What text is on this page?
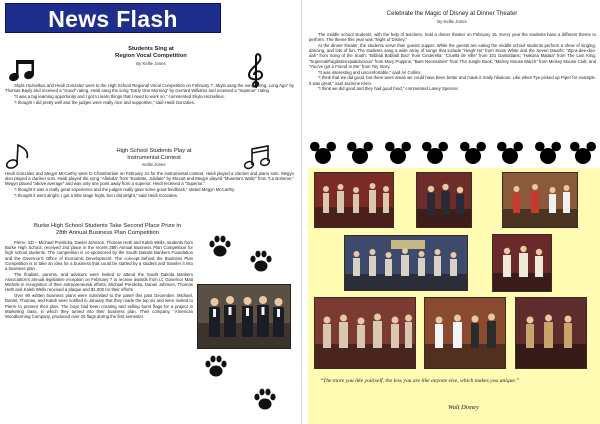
News Flash
Students Sing at
Region Vocal Competition
By Kellie Jones

Skyla Hozselkus and Heidi Gonzalez went to the High School Regional Vocal Competition on February 7. Skyla sang the song “Long, Long Ago” by Thomas Bayly and received a “Good” rating. Heidi sang the song “Early One Morning” by Gerrard Williams and received a “Superior” rating.

“It was a big learning opportunity and I got to learn things that I need to work on,” commented Skyla Hozselkus.

“I thought I did pretty well and the judges were really nice and supportive,” said Heidi Gonzales.

High School Students Play at
Instrumental Contest
Kellie Jones

Heidi Gonzales and Megyn McCarthy went to Chamberlain on February 21 for the instrumental contest. Heidi played a clarinet and piano solo. Megyn also played a clarinet solo. Heidi played the song “Allelulia” from “Exultate, Jubilate” by Mozart and Megyn played “Musetta’s Waltz” from “La Boheme.” Megyn placed “above average” and was only one point away from a superior. Heidi received a “Superior.”

“I thought it was a really great experience and the judges really gave some good feedback,” stated Megyn McCarthy.

“I thought it went alright. I got a little stage fright, but I did alright,” said Heidi Gonzales.

Burke High School Students Take Second Place Prize in
28th Annual Business Plan Competition

Pierre, SD – Michael Preslicka, Daniel Johnson, Thomas Heth and Kaleb Wells, students from Burke High School, received 2nd place in the recent 28th Annual Business Plan Competition for high school students. The competition is co-sponsored by the South Dakota Bankers Foundation and the Governor’s Office of Economic Development. The concept behind the Business Plan Competition is to take an idea for a business that could be started by a student and transfer it into a business plan.

The finalists, parents, and advisors were invited to attend the South Dakota Bankers Association’s annual legislative reception on February 7 to receive awards from Lt. Governor Matt Michels in recognition of their entrepreneurial efforts. Michael Preslicka, Daniel Johnson, Thomas Heth and Kaleb Wells received a plaque and $1,000 for their efforts.

Over 90 written business plans were submitted to the panel this past December. Michael, Daniel, Thomas, and Kaleb were notified in January that they made the top six and were invited to Pierre to present their plan. The boys had been creating and selling burnt flags for a project in Marketing class, in which they turned into their business plan. Their company, “American Woodburning Company, produced over 25 flags during the first semester.

Celebrate the Magic of Disney at Dinner Theater
By Kellie Jones

The middle school students, with the help of teachers, held a dinner theater on February 16. Every year the students have a different theme to perform. The theme this year was “Night of Disney.”

At the dinner theater, the students serve their guests supper. While the guests are eating the middle school students perform a show of singing, dancing, and lots of fun. The students sang a wide array of songs that include “Heigh-Ho” from Snow White and the Seven Dwarfs; “Zip-a-dee-doo-dah” from Song of the South; “Bibbidi Bobbidi Boo” from Cinderella; “Cruella de Ville” from 101 Dalmatians; “Hakuna Matata” from The Lion King; “Supercalifragilisticexpialidocious” from Mary Poppins; “Bare Necessities” from The Jungle Book; “Mickey Mouse March” from Mickey Mouse Club; and “You’ve got a Friend In Me” from Toy Story.

“It was interesting and uncomfortable,” said Ari Collins.

“I think that we did good, but there were areas we could have been better and made it really hilarious. Like when Tye picked up Piper for example. It was great,” said Jazmine Klein.

“I think we did good and they had good food,” commented Laney Spencer.

“The more you like yourself, the less you are like anyone else, which makes you unique.”
Walt Disney
